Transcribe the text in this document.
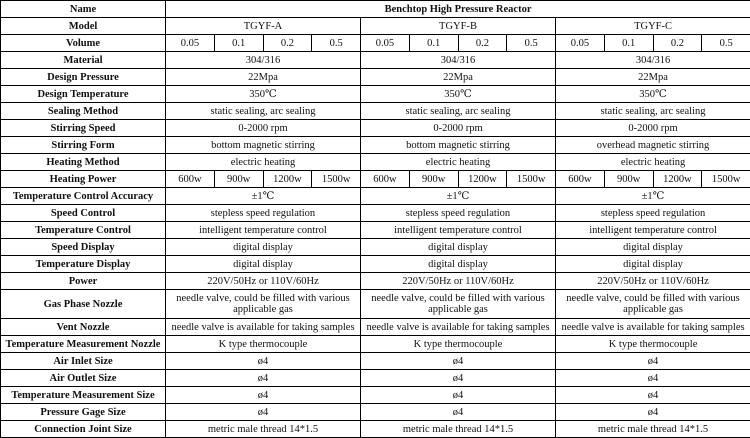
Name	Benchtop High Pressure Reactor											
Model	TGYF-A				TGYF-B				TGYF-C			
Volume	0.05	0.1	0.2	0.5	0.05	0.1	0.2	0.5	0.05	0.1	0.2	0.5
Material	304/316				304/316				304/316			
Design Pressure	22Mpa				22Mpa				22Mpa			
Design Temperature	350℃				350℃				350℃			
Sealing Method	static sealing, arc sealing				static sealing, arc sealing				static sealing, arc sealing			
Stirring Speed	0-2000 rpm				0-2000 rpm				0-2000 rpm			
Stirring Form	bottom magnetic stirring				bottom magnetic stirring				overhead magnetic stirring			
Heating Method	electric heating				electric heating				electric heating			
Heating Power	600w	900w	1200w	1500w	600w	900w	1200w	1500w	600w	900w	1200w	1500w
Temperature Control Accuracy	±1℃				±1℃				±1℃			
Speed Control	stepless speed regulation				stepless speed regulation				stepless speed regulation			
Temperature Control	intelligent temperature control				intelligent temperature control				intelligent temperature control			
Speed Display	digital display				digital display				digital display			
Temperature Display	digital display				digital display				digital display			
Power	220V/50Hz or 110V/60Hz				220V/50Hz or 110V/60Hz				220V/50Hz or 110V/60Hz			
Gas Phase Nozzle	needle valve, could be filled with various applicable gas				needle valve, could be filled with various applicable gas				needle valve, could be filled with various applicable gas			
Vent Nozzle	needle valve is available for taking samples				needle valve is available for taking samples				needle valve is available for taking samples			
Temperature Measurement Nozzle	K type thermocouple				K type thermocouple				K type thermocouple			
Air Inlet Size	ø4				ø4				ø4			
Air Outlet Size	ø4				ø4				ø4			
Temperature Measurement Size	ø4				ø4				ø4			
Pressure Gage Size	ø4				ø4				ø4			
Connection Joint Size	metric male thread 14*1.5				metric male thread 14*1.5				metric male thread 14*1.5			
